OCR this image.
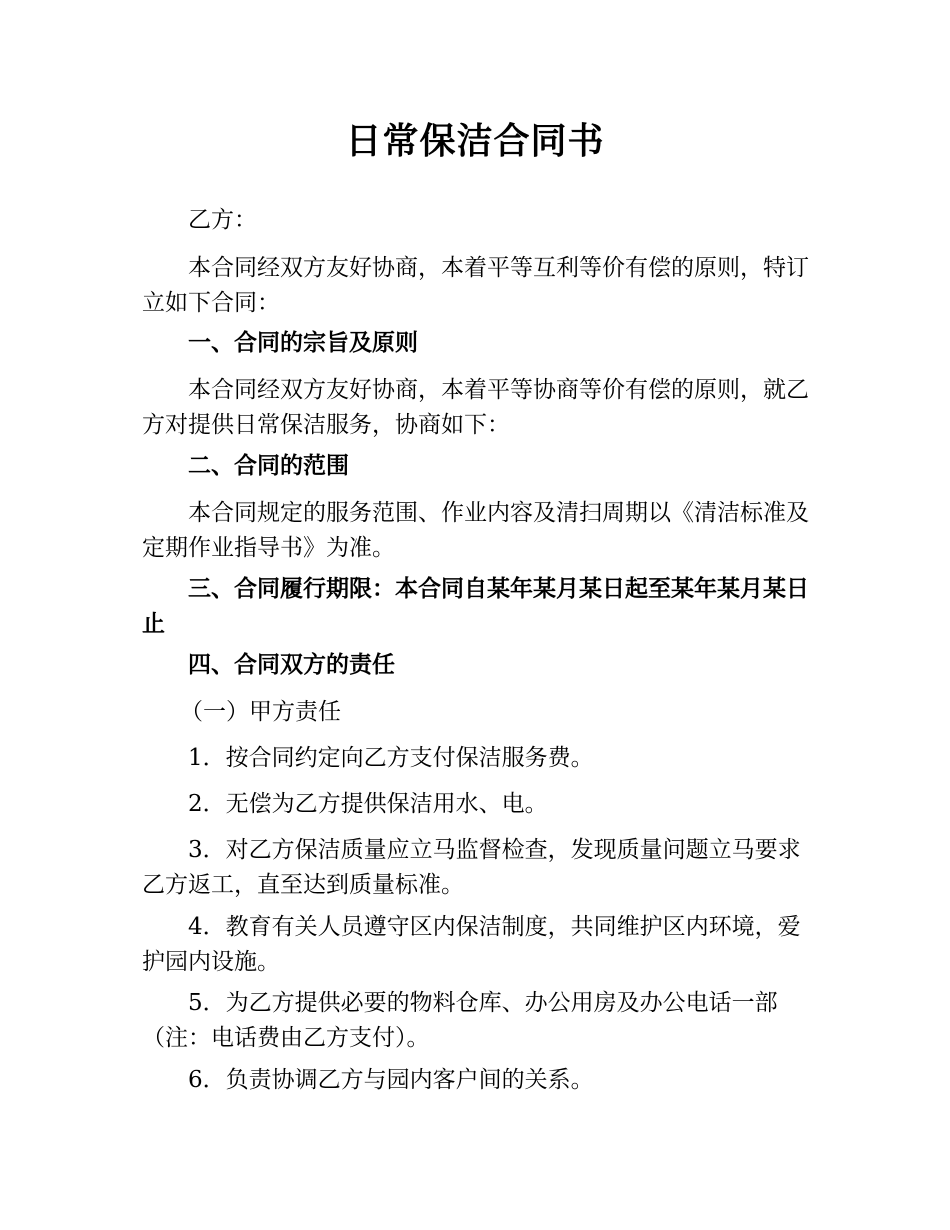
日常保洁合同书
乙方：
本合同经双方友好协商，本着平等互利等价有偿的原则，特订立如下合同：
一、合同的宗旨及原则
本合同经双方友好协商，本着平等协商等价有偿的原则，就乙方对提供日常保洁服务，协商如下：
二、合同的范围
本合同规定的服务范围、作业内容及清扫周期以《清洁标准及定期作业指导书》为准。
三、合同履行期限：本合同自某年某月某日起至某年某月某日止
四、合同双方的责任
（一）甲方责任
1．按合同约定向乙方支付保洁服务费。
2．无偿为乙方提供保洁用水、电。
3．对乙方保洁质量应立马监督检查，发现质量问题立马要求乙方返工，直至达到质量标准。
4．教育有关人员遵守区内保洁制度，共同维护区内环境，爱护园内设施。
5．为乙方提供必要的物料仓库、办公用房及办公电话一部（注：电话费由乙方支付）。
6．负责协调乙方与园内客户间的关系。
